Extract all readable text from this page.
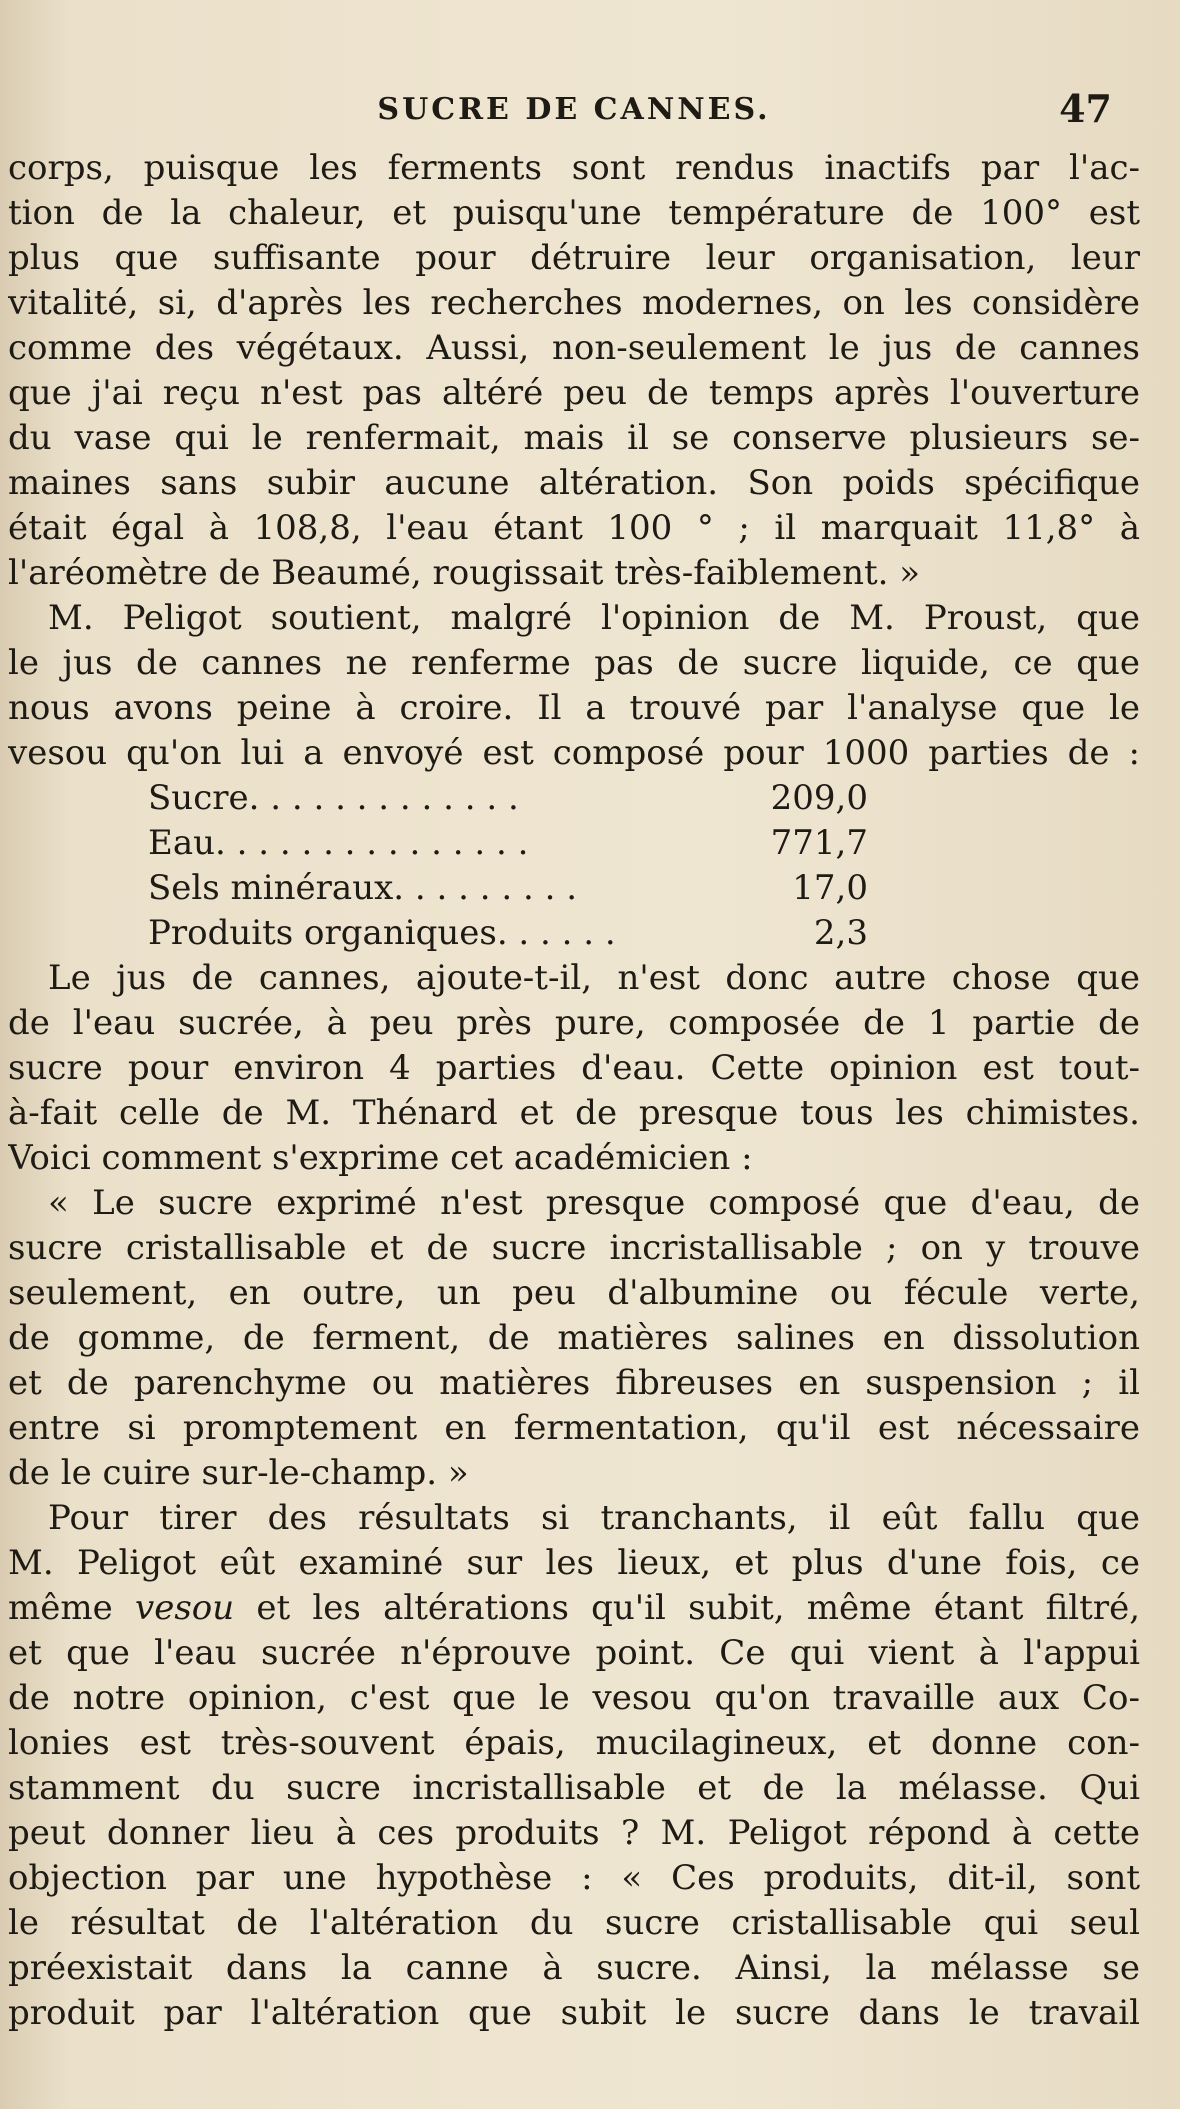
SUCRE DE CANNES.	47
corps, puisque les ferments sont rendus inactifs par l'ac-
tion de la chaleur, et puisqu'une température de 100° est
plus que suffisante pour détruire leur organisation, leur
vitalité, si, d'après les recherches modernes, on les considère
comme des végétaux. Aussi, non-seulement le jus de cannes
que j'ai reçu n'est pas altéré peu de temps après l'ouverture
du vase qui le renfermait, mais il se conserve plusieurs se-
maines sans subir aucune altération. Son poids spécifique
était égal à 108,8, l'eau étant 100 ° ; il marquait 11,8° à
l'aréomètre de Beaumé, rougissait très-faiblement. »
M. Peligot soutient, malgré l'opinion de M. Proust, que
le jus de cannes ne renferme pas de sucre liquide, ce que
nous avons peine à croire. Il a trouvé par l'analyse que le
vesou qu'on lui a envoyé est composé pour 1000 parties de :
Sucre. . . . . . . . . . . . .	209,0
Eau. . . . . . . . . . . . . . .	771,7
Sels minéraux. . . . . . . . .	17,0
Produits organiques. . . . . .	2,3
Le jus de cannes, ajoute-t-il, n'est donc autre chose que
de l'eau sucrée, à peu près pure, composée de 1 partie de
sucre pour environ 4 parties d'eau. Cette opinion est tout-
à-fait celle de M. Thénard et de presque tous les chimistes.
Voici comment s'exprime cet académicien :
« Le sucre exprimé n'est presque composé que d'eau, de
sucre cristallisable et de sucre incristallisable ; on y trouve
seulement, en outre, un peu d'albumine ou fécule verte,
de gomme, de ferment, de matières salines en dissolution
et de parenchyme ou matières fibreuses en suspension ; il
entre si promptement en fermentation, qu'il est nécessaire
de le cuire sur-le-champ. »
Pour tirer des résultats si tranchants, il eût fallu que
M. Peligot eût examiné sur les lieux, et plus d'une fois, ce
même vesou et les altérations qu'il subit, même étant filtré,
et que l'eau sucrée n'éprouve point. Ce qui vient à l'appui
de notre opinion, c'est que le vesou qu'on travaille aux Co-
lonies est très-souvent épais, mucilagineux, et donne con-
stamment du sucre incristallisable et de la mélasse. Qui
peut donner lieu à ces produits ? M. Peligot répond à cette
objection par une hypothèse : « Ces produits, dit-il, sont
le résultat de l'altération du sucre cristallisable qui seul
préexistait dans la canne à sucre. Ainsi, la mélasse se
produit par l'altération que subit le sucre dans le travail
